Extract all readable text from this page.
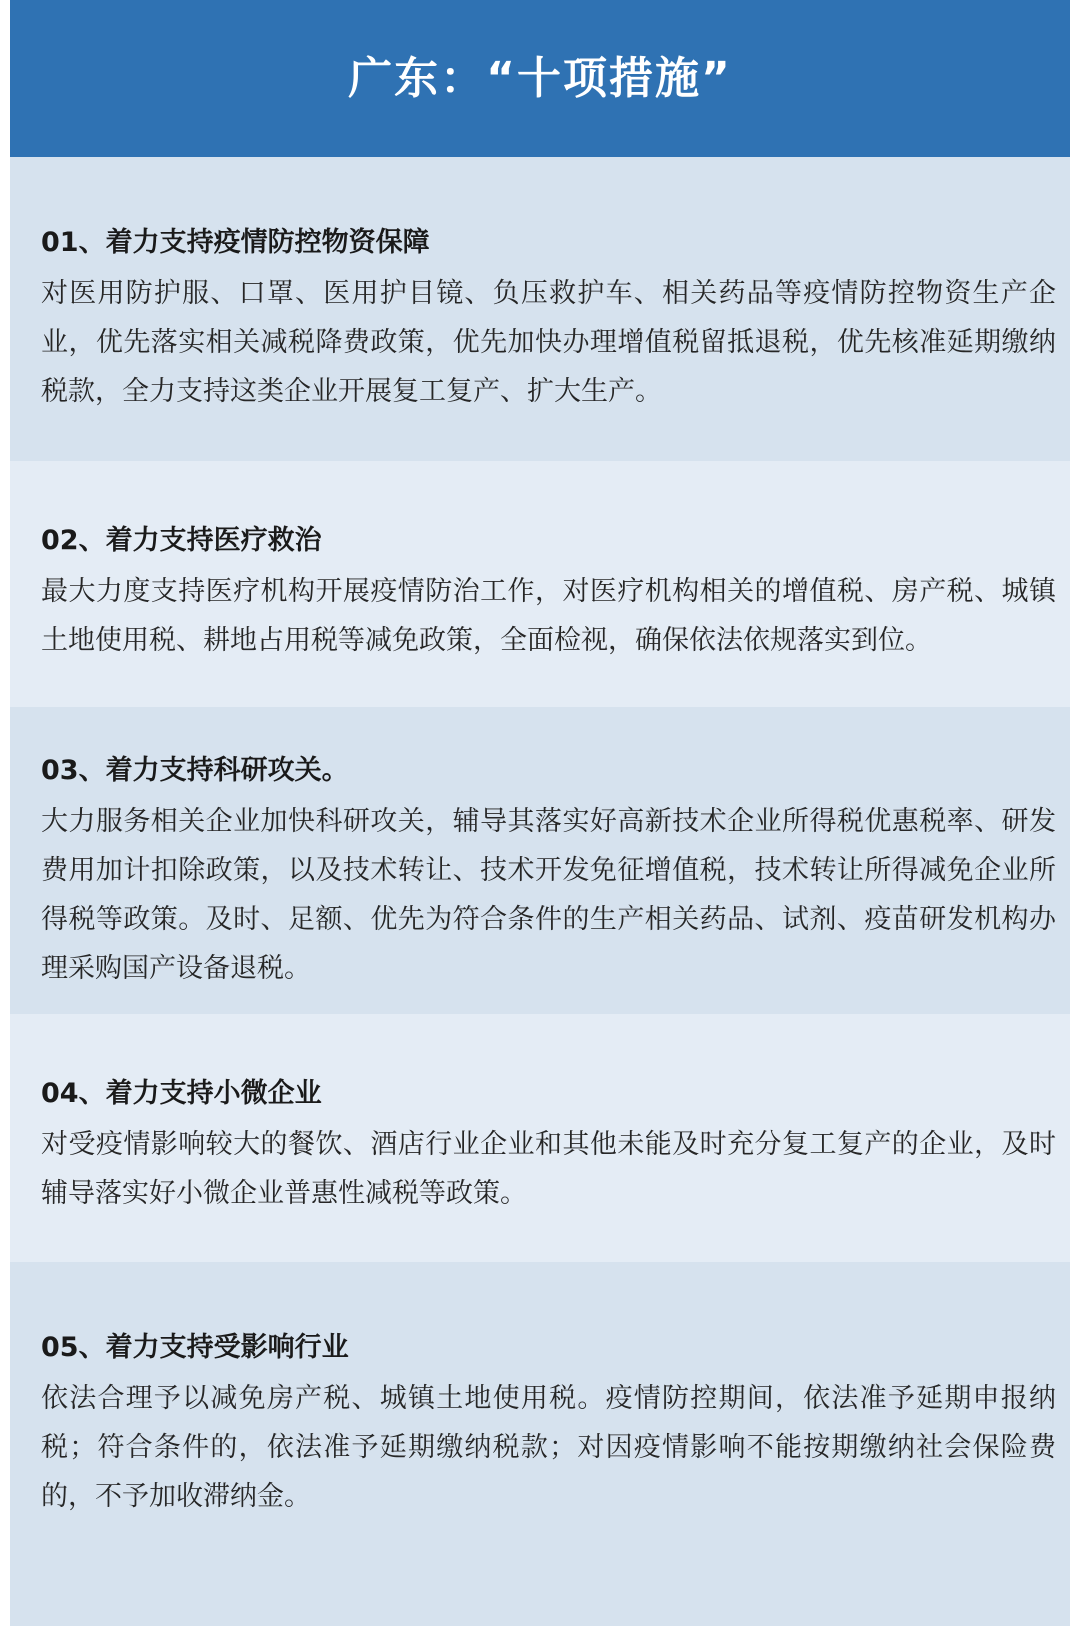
广东：“十项措施”
01、着力支持疫情防控物资保障

对医用防护服、口罩、医用护目镜、负压救护车、相关药品等疫情防控物资生产企业，优先落实相关减税降费政策，优先加快办理增值税留抵退税，优先核准延期缴纳税款，全力支持这类企业开展复工复产、扩大生产。

02、着力支持医疗救治

最大力度支持医疗机构开展疫情防治工作，对医疗机构相关的增值税、房产税、城镇土地使用税、耕地占用税等减免政策，全面检视，确保依法依规落实到位。

03、着力支持科研攻关。

大力服务相关企业加快科研攻关，辅导其落实好高新技术企业所得税优惠税率、研发费用加计扣除政策，以及技术转让、技术开发免征增值税，技术转让所得减免企业所得税等政策。及时、足额、优先为符合条件的生产相关药品、试剂、疫苗研发机构办理采购国产设备退税。

04、着力支持小微企业

对受疫情影响较大的餐饮、酒店行业企业和其他未能及时充分复工复产的企业，及时辅导落实好小微企业普惠性减税等政策。

05、着力支持受影响行业

依法合理予以减免房产税、城镇土地使用税。疫情防控期间，依法准予延期申报纳税；符合条件的，依法准予延期缴纳税款；对因疫情影响不能按期缴纳社会保险费的，不予加收滞纳金。
